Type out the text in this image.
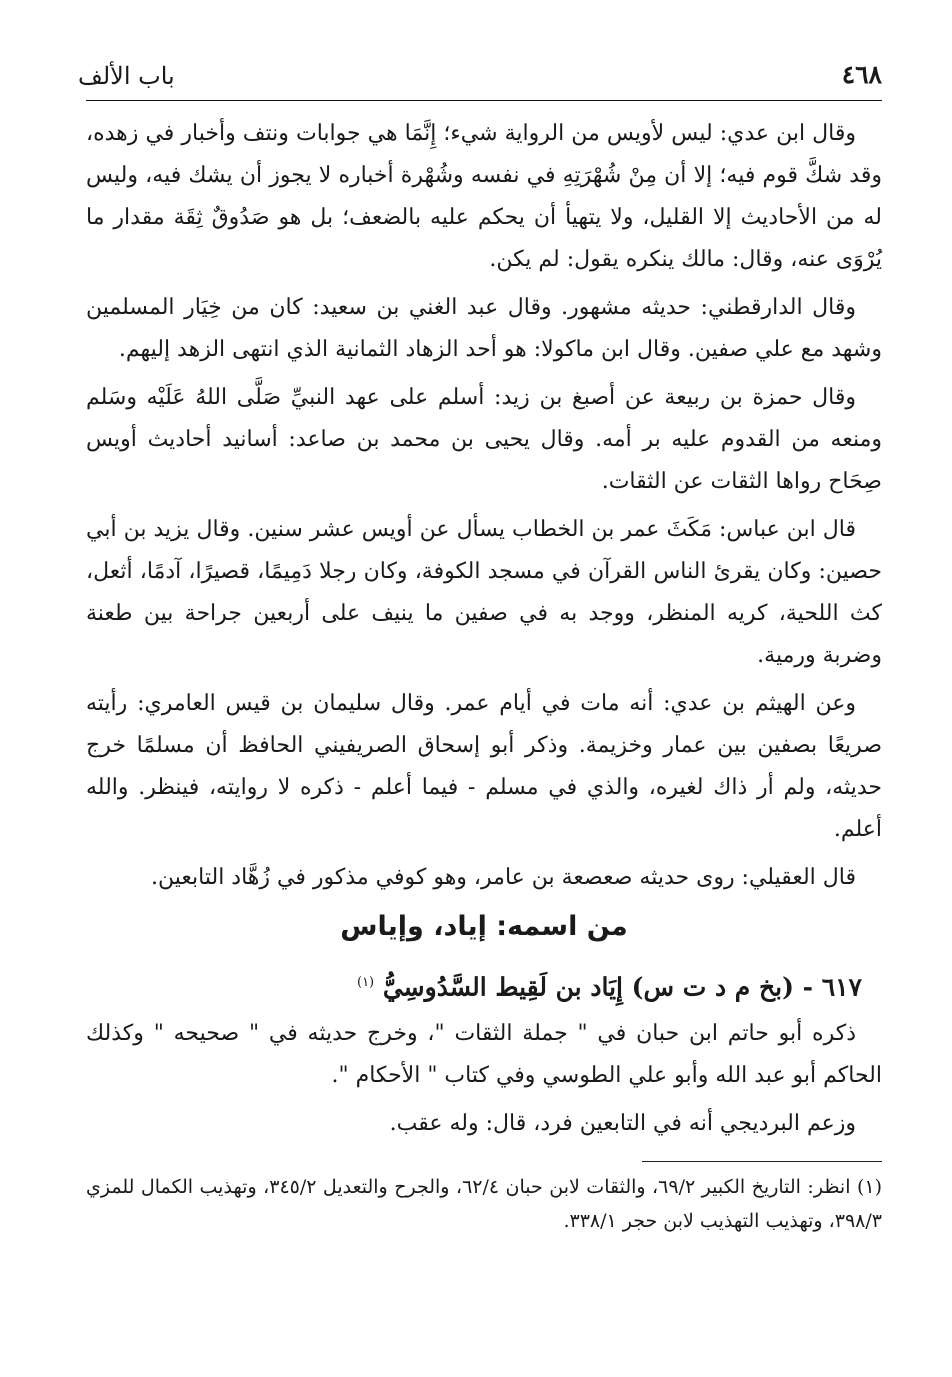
٤٦٨
باب الألف

وقال ابن عدي: ليس لأويس من الرواية شيء؛ إِنَّمَا هي جوابات ونتف وأخبار في زهده، وقد شكَّ قوم فيه؛ إلا أن مِنْ شُهْرَتِهِ في نفسه وشُهْرة أخباره لا يجوز أن يشك فيه، وليس له من الأحاديث إلا القليل، ولا يتهيأ أن يحكم عليه بالضعف؛ بل هو صَدُوقٌ ثِقَة مقدار ما يُرْوَى عنه، وقال: مالك ينكره يقول: لم يكن.

وقال الدارقطني: حديثه مشهور. وقال عبد الغني بن سعيد: كان من خِيَار المسلمين وشهد مع علي صفين. وقال ابن ماكولا: هو أحد الزهاد الثمانية الذي انتهى الزهد إليهم.

وقال حمزة بن ربيعة عن أصبغ بن زيد: أسلم على عهد النبيِّ صَلَّى اللهُ عَلَيْه وسَلم ومنعه من القدوم عليه بر أمه. وقال يحيى بن محمد بن صاعد: أسانيد أحاديث أويس صِحَاح رواها الثقات عن الثقات.

قال ابن عباس: مَكَثَ عمر بن الخطاب يسأل عن أويس عشر سنين. وقال يزيد بن أبي حصين: وكان يقرئ الناس القرآن في مسجد الكوفة، وكان رجلا دَمِيمًا، قصيرًا، آدمًا، أثعل، كث اللحية، كريه المنظر، ووجد به في صفين ما ينيف على أربعين جراحة بين طعنة وضربة ورمية.

وعن الهيثم بن عدي: أنه مات في أيام عمر. وقال سليمان بن قيس العامري: رأيته صريعًا بصفين بين عمار وخزيمة. وذكر أبو إسحاق الصريفيني الحافظ أن مسلمًا خرج حديثه، ولم أر ذاك لغيره، والذي في مسلم - فيما أعلم - ذكره لا روايته، فينظر. والله أعلم.

قال العقيلي: روى حديثه صعصعة بن عامر، وهو كوفي مذكور في زُهَّاد التابعين.

من اسمه: إياد، وإياس
٦١٧ - (بخ م د ت س) إِيَاد بن لَقِيط السَّدُوسِيُّ $^{(١)}$

ذكره أبو حاتم ابن حبان في " جملة الثقات "، وخرج حديثه في " صحيحه " وكذلك الحاكم أبو عبد الله وأبو علي الطوسي وفي كتاب " الأحكام ".

وزعم البرديجي أنه في التابعين فرد، قال: وله عقب.

(١) انظر: التاريخ الكبير ٦٩/٢، والثقات لابن حبان ٦٢/٤، والجرح والتعديل ٣٤٥/٢، وتهذيب الكمال للمزي ٣٩٨/٣، وتهذيب التهذيب لابن حجر ٣٣٨/١.
